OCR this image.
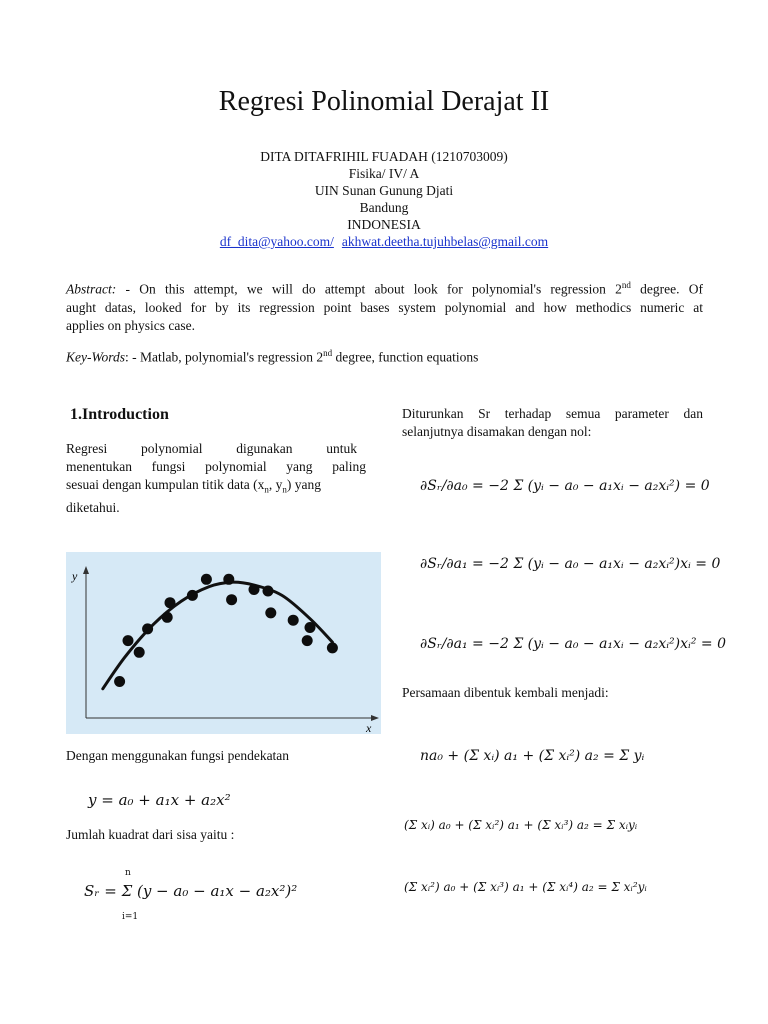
Regresi Polinomial Derajat II
DITA DITAFRIHIL FUADAH (1210703009)
Fisika/ IV/ A
UIN Sunan Gunung Djati
Bandung
INDONESIA
df_dita@yahoo.com/ akhwat.deetha.tujuhbelas@gmail.com
Abstract: - On this attempt, we will do attempt about look for polynomial's regression 2nd degree. Of
aught datas, looked for by its regression point bases system polynomial and how methodics numeric at
applies on physics case.
Key-Words: - Matlab, polynomial's regression 2nd degree, function equations
1.Introduction
Regresi          polynomial          digunakan          untuk
menentukan fungsi polynomial yang paling
sesuai dengan kumpulan titik data ($x_n$, $y_n$) yang
diketahui.
y
x
Dengan menggunakan fungsi pendekatan
y = a₀ + a₁x + a₂x²
Jumlah kuadrat dari sisa yaitu :
n
Sᵣ = Σ (y − a₀ − a₁x − a₂x²)²
i=1
Diturunkan Sr terhadap semua parameter dan
selanjutnya disamakan dengan nol:
∂Sᵣ/∂a₀ = −2 Σ (yᵢ − a₀ − a₁xᵢ − a₂xᵢ²) = 0
∂Sᵣ/∂a₁ = −2 Σ (yᵢ − a₀ − a₁xᵢ − a₂xᵢ²)xᵢ = 0
∂Sᵣ/∂a₁ = −2 Σ (yᵢ − a₀ − a₁xᵢ − a₂xᵢ²)xᵢ² = 0
Persamaan dibentuk kembali menjadi:
na₀ + (Σ xᵢ) a₁ + (Σ xᵢ²) a₂ = Σ yᵢ
(Σ xᵢ) a₀ + (Σ xᵢ²) a₁ + (Σ xᵢ³) a₂ = Σ xᵢyᵢ
(Σ xᵢ²) a₀ + (Σ xᵢ³) a₁ + (Σ xᵢ⁴) a₂ = Σ xᵢ²yᵢ
